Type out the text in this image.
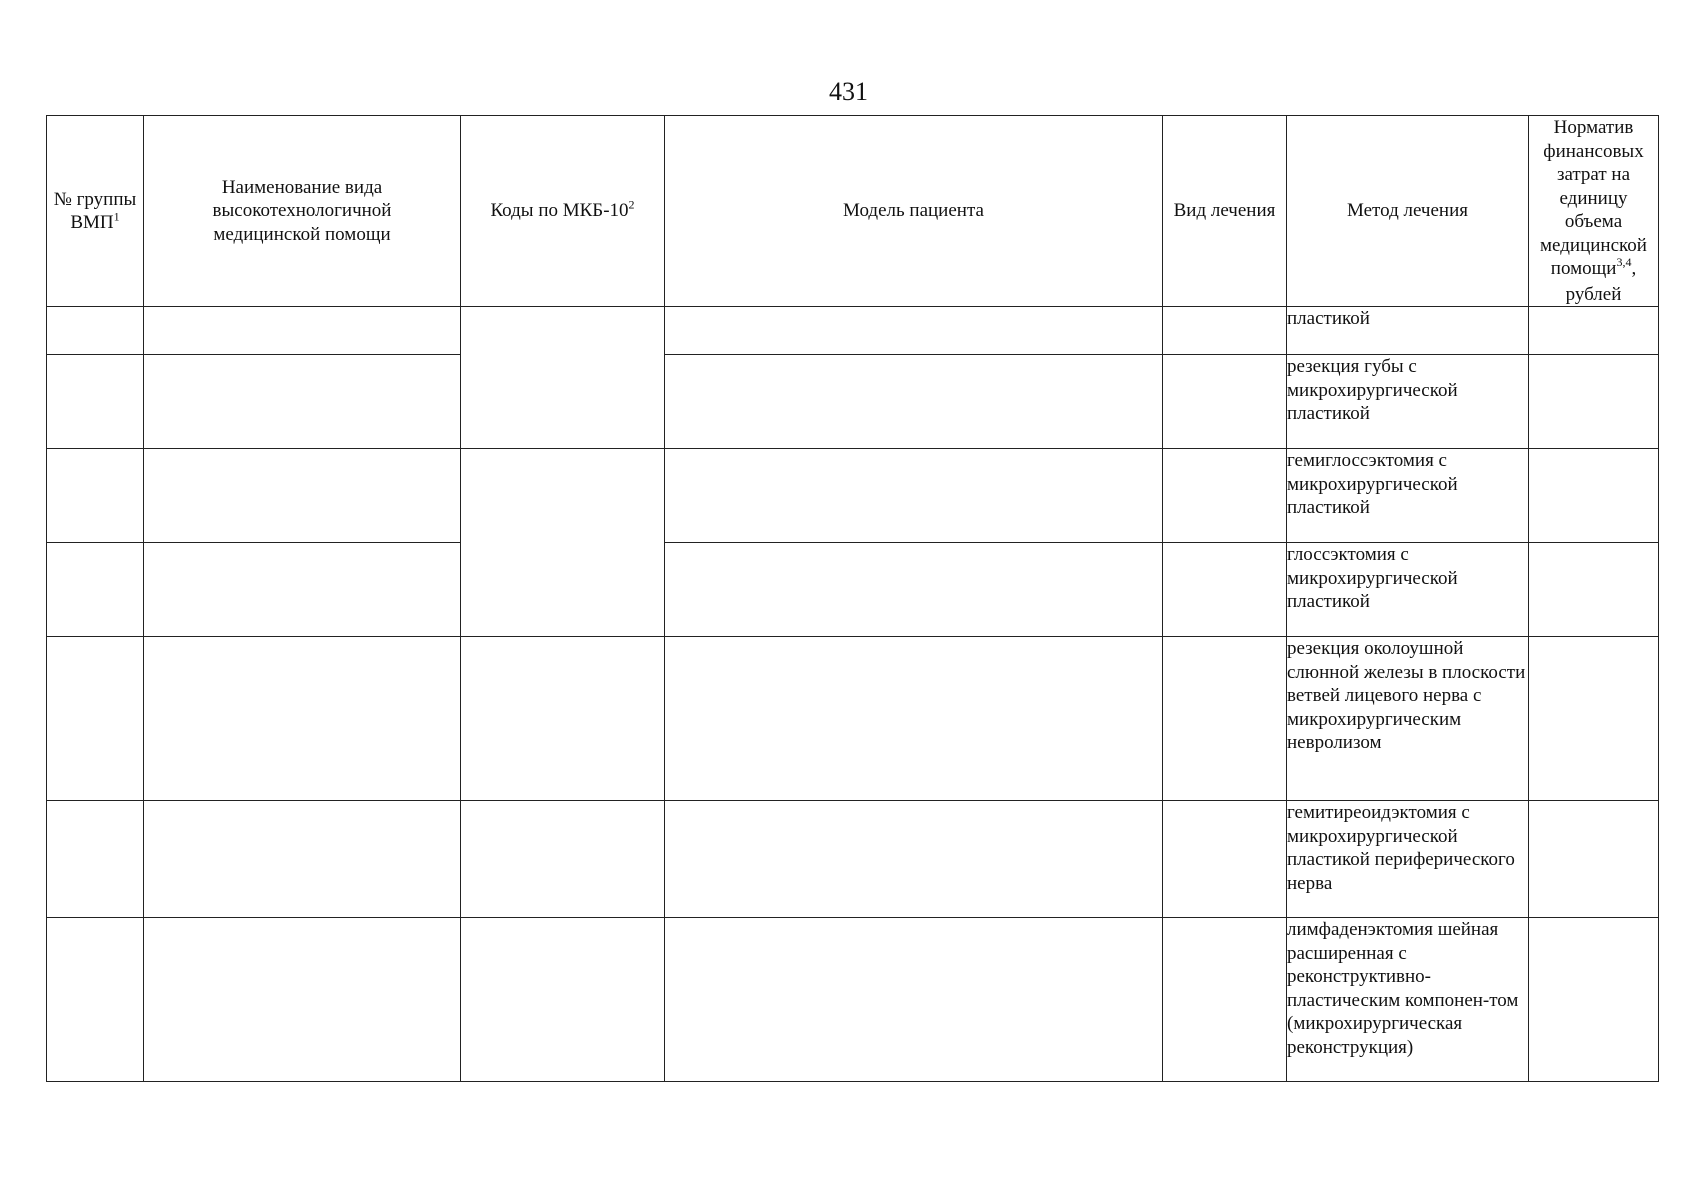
431
№ группы ВМП$^1$	Наименование вида высокотехнологичной медицинской помощи	Коды по МКБ-$10^2$	Модель пациента	Вид лечения	Метод лечения	Норматив финансовых затрат на единицу объема медицинской помощи$^{3,4}$, рублей
					пластикой	
					резекция губы с микрохирургической пластикой	
					гемиглоссэктомия с микрохирургической пластикой	
					глоссэктомия с микрохирургической пластикой	
					резекция околоушной слюнной железы в плоскости ветвей лицевого нерва с микрохирургическим невролизом	
					гемитиреоидэктомия с микрохирургической пластикой периферического нерва	
					лимфаденэктомия шейная расширенная с реконструктивно-пластическим компонен-том (микрохирургическая реконструкция)	
